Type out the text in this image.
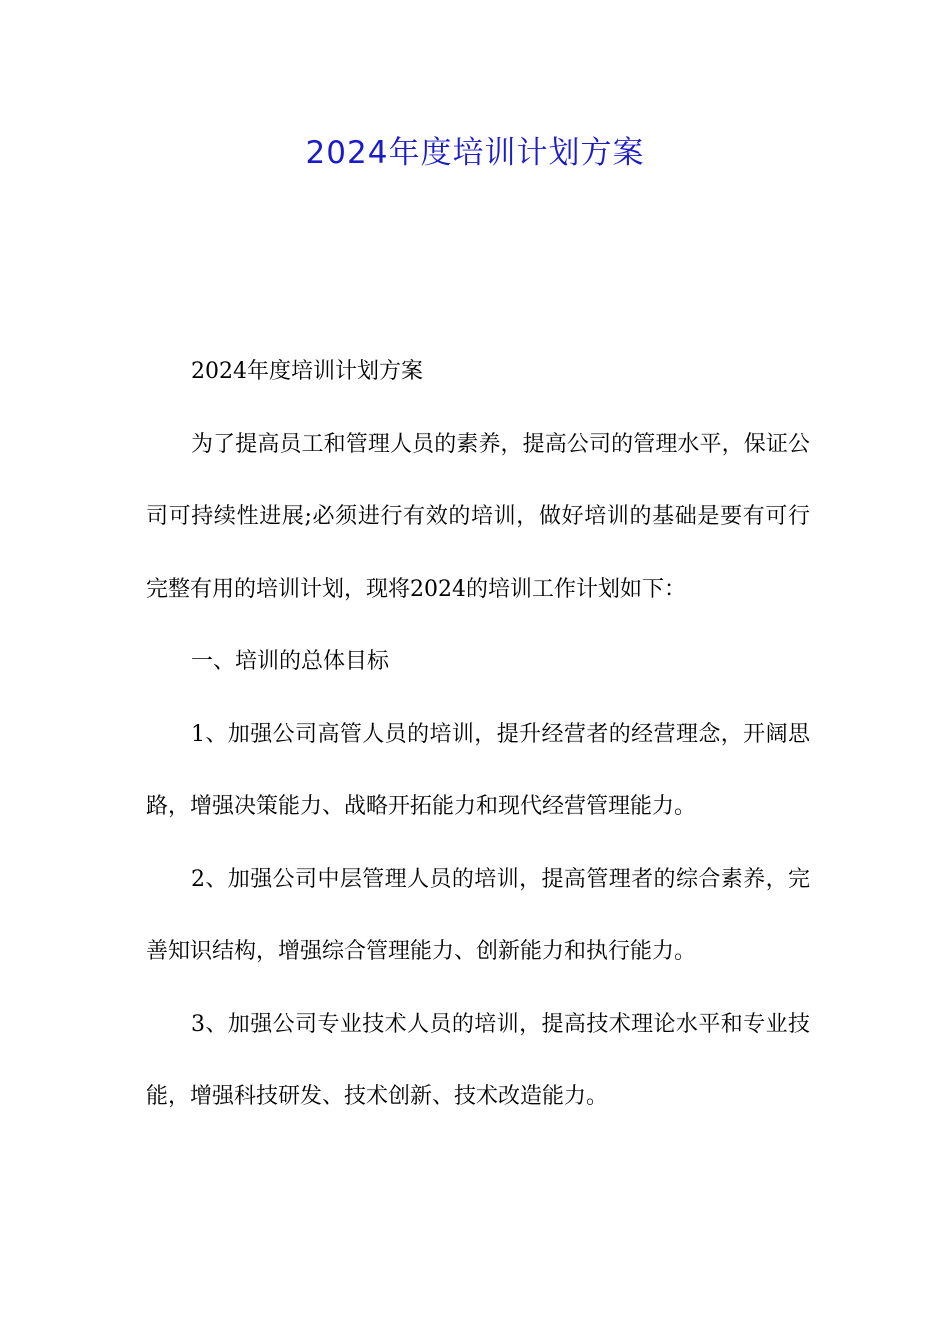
2024年度培训计划方案

2024年度培训计划方案

为了提高员工和管理人员的素养，提高公司的管理水平，保证公司可持续性进展;必须进行有效的培训，做好培训的基础是要有可行完整有用的培训计划，现将2024的培训工作计划如下：

一、培训的总体目标

1、加强公司高管人员的培训，提升经营者的经营理念，开阔思路，增强决策能力、战略开拓能力和现代经营管理能力。

2、加强公司中层管理人员的培训，提高管理者的综合素养，完善知识结构，增强综合管理能力、创新能力和执行能力。

3、加强公司专业技术人员的培训，提高技术理论水平和专业技能，增强科技研发、技术创新、技术改造能力。
